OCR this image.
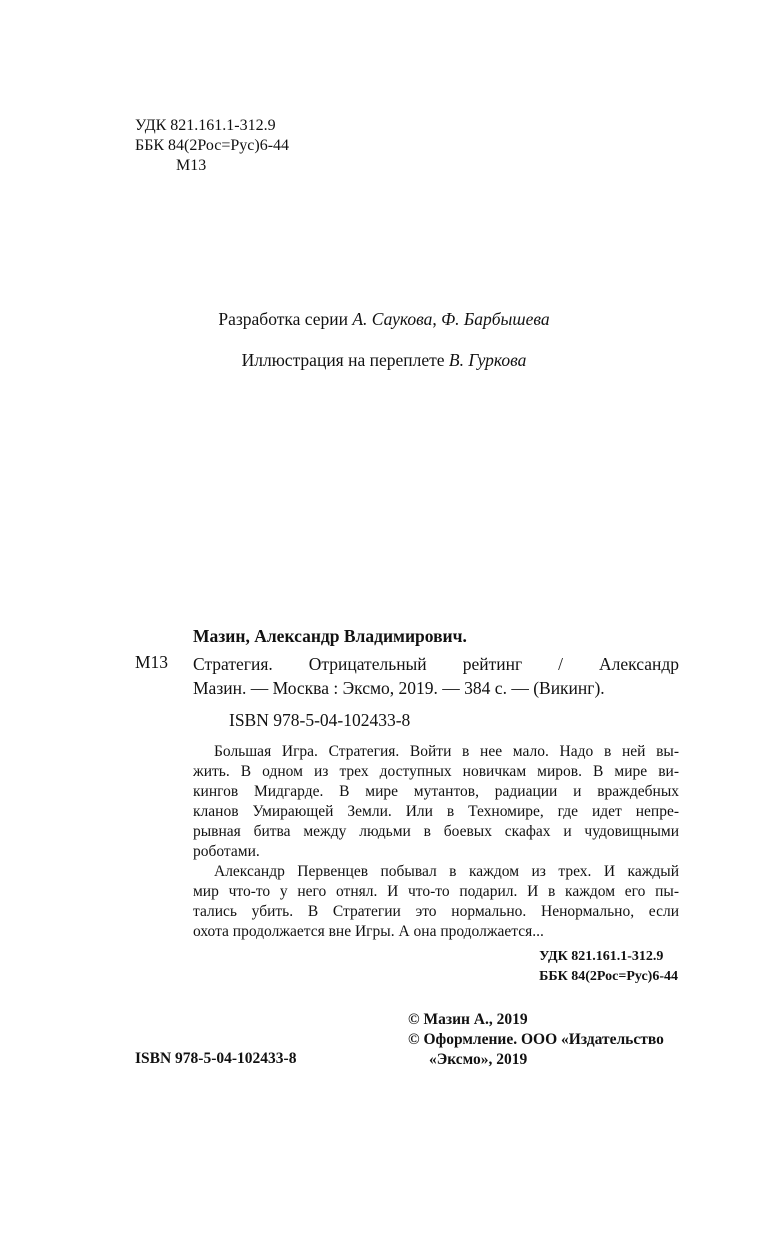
УДК 821.161.1-312.9
ББК 84(2Рос=Рус)6-44
М13
Разработка серии А. Саукова, Ф. Барбышева
Иллюстрация на переплете В. Гуркова
Мазин, Александр Владимирович.
М13 Стратегия. Отрицательный рейтинг / Александр
Мазин. — Москва : Эксмо, 2019. — 384 с. — (Викинг).
ISBN 978-5-04-102433-8
Большая Игра. Стратегия. Войти в нее мало. Надо в ней вы-
жить. В одном из трех доступных новичкам миров. В мире ви-
кингов Мидгарде. В мире мутантов, радиации и враждебных
кланов Умирающей Земли. Или в Техномире, где идет непре-
рывная битва между людьми в боевых скафах и чудовищными
роботами.
Александр Первенцев побывал в каждом из трех. И каждый
мир что-то у него отнял. И что-то подарил. И в каждом его пы-
тались убить. В Стратегии это нормально. Ненормально, если
охота продолжается вне Игры. А она продолжается...
УДК 821.161.1-312.9
ББК 84(2Рос=Рус)6-44
© Мазин А., 2019
© Оформление. ООО «Издательство
«Эксмо», 2019
ISBN 978-5-04-102433-8
